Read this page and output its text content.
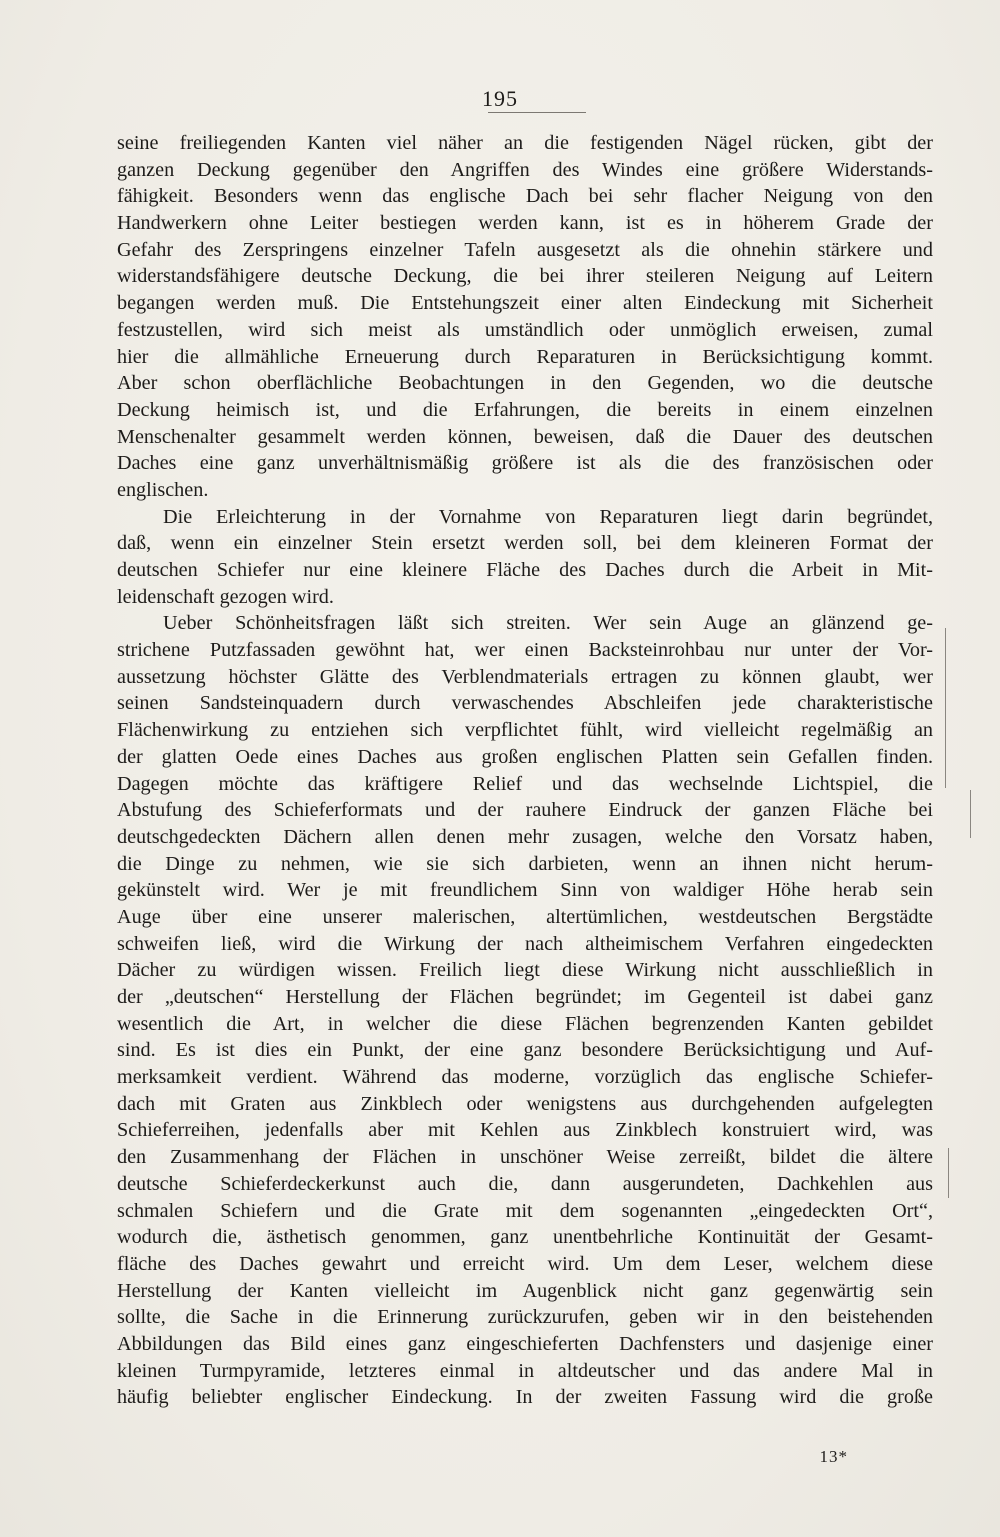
195
seine freiliegenden Kanten viel näher an die festigenden Nägel rücken, gibt der
ganzen Deckung gegenüber den Angriffen des Windes eine größere Widerstands-
fähigkeit. Besonders wenn das englische Dach bei sehr flacher Neigung von den
Handwerkern ohne Leiter bestiegen werden kann, ist es in höherem Grade der
Gefahr des Zerspringens einzelner Tafeln ausgesetzt als die ohnehin stärkere und
widerstandsfähigere deutsche Deckung, die bei ihrer steileren Neigung auf Leitern
begangen werden muß. Die Entstehungszeit einer alten Eindeckung mit Sicherheit
festzustellen, wird sich meist als umständlich oder unmöglich erweisen, zumal
hier die allmähliche Erneuerung durch Reparaturen in Berücksichtigung kommt.
Aber schon oberflächliche Beobachtungen in den Gegenden, wo die deutsche
Deckung heimisch ist, und die Erfahrungen, die bereits in einem einzelnen
Menschenalter gesammelt werden können, beweisen, daß die Dauer des deutschen
Daches eine ganz unverhältnismäßig größere ist als die des französischen oder
englischen.
Die Erleichterung in der Vornahme von Reparaturen liegt darin begründet,
daß, wenn ein einzelner Stein ersetzt werden soll, bei dem kleineren Format der
deutschen Schiefer nur eine kleinere Fläche des Daches durch die Arbeit in Mit-
leidenschaft gezogen wird.
Ueber Schönheitsfragen läßt sich streiten. Wer sein Auge an glänzend ge-
strichene Putzfassaden gewöhnt hat, wer einen Backsteinrohbau nur unter der Vor-
aussetzung höchster Glätte des Verblendmaterials ertragen zu können glaubt, wer
seinen Sandsteinquadern durch verwaschendes Abschleifen jede charakteristische
Flächenwirkung zu entziehen sich verpflichtet fühlt, wird vielleicht regelmäßig an
der glatten Oede eines Daches aus großen englischen Platten sein Gefallen finden.
Dagegen möchte das kräftigere Relief und das wechselnde Lichtspiel, die
Abstufung des Schieferformats und der rauhere Eindruck der ganzen Fläche bei
deutschgedeckten Dächern allen denen mehr zusagen, welche den Vorsatz haben,
die Dinge zu nehmen, wie sie sich darbieten, wenn an ihnen nicht herum-
gekünstelt wird. Wer je mit freundlichem Sinn von waldiger Höhe herab sein
Auge über eine unserer malerischen, altertümlichen, westdeutschen Bergstädte
schweifen ließ, wird die Wirkung der nach altheimischem Verfahren eingedeckten
Dächer zu würdigen wissen. Freilich liegt diese Wirkung nicht ausschließlich in
der „deutschen“ Herstellung der Flächen begründet; im Gegenteil ist dabei ganz
wesentlich die Art, in welcher die diese Flächen begrenzenden Kanten gebildet
sind. Es ist dies ein Punkt, der eine ganz besondere Berücksichtigung und Auf-
merksamkeit verdient. Während das moderne, vorzüglich das englische Schiefer-
dach mit Graten aus Zinkblech oder wenigstens aus durchgehenden aufgelegten
Schieferreihen, jedenfalls aber mit Kehlen aus Zinkblech konstruiert wird, was
den Zusammenhang der Flächen in unschöner Weise zerreißt, bildet die ältere
deutsche Schieferdeckerkunst auch die, dann ausgerundeten, Dachkehlen aus
schmalen Schiefern und die Grate mit dem sogenannten „eingedeckten Ort“,
wodurch die, ästhetisch genommen, ganz unentbehrliche Kontinuität der Gesamt-
fläche des Daches gewahrt und erreicht wird. Um dem Leser, welchem diese
Herstellung der Kanten vielleicht im Augenblick nicht ganz gegenwärtig sein
sollte, die Sache in die Erinnerung zurückzurufen, geben wir in den beistehenden
Abbildungen das Bild eines ganz eingeschieferten Dachfensters und dasjenige einer
kleinen Turmpyramide, letzteres einmal in altdeutscher und das andere Mal in
häufig beliebter englischer Eindeckung. In der zweiten Fassung wird die große
13*
